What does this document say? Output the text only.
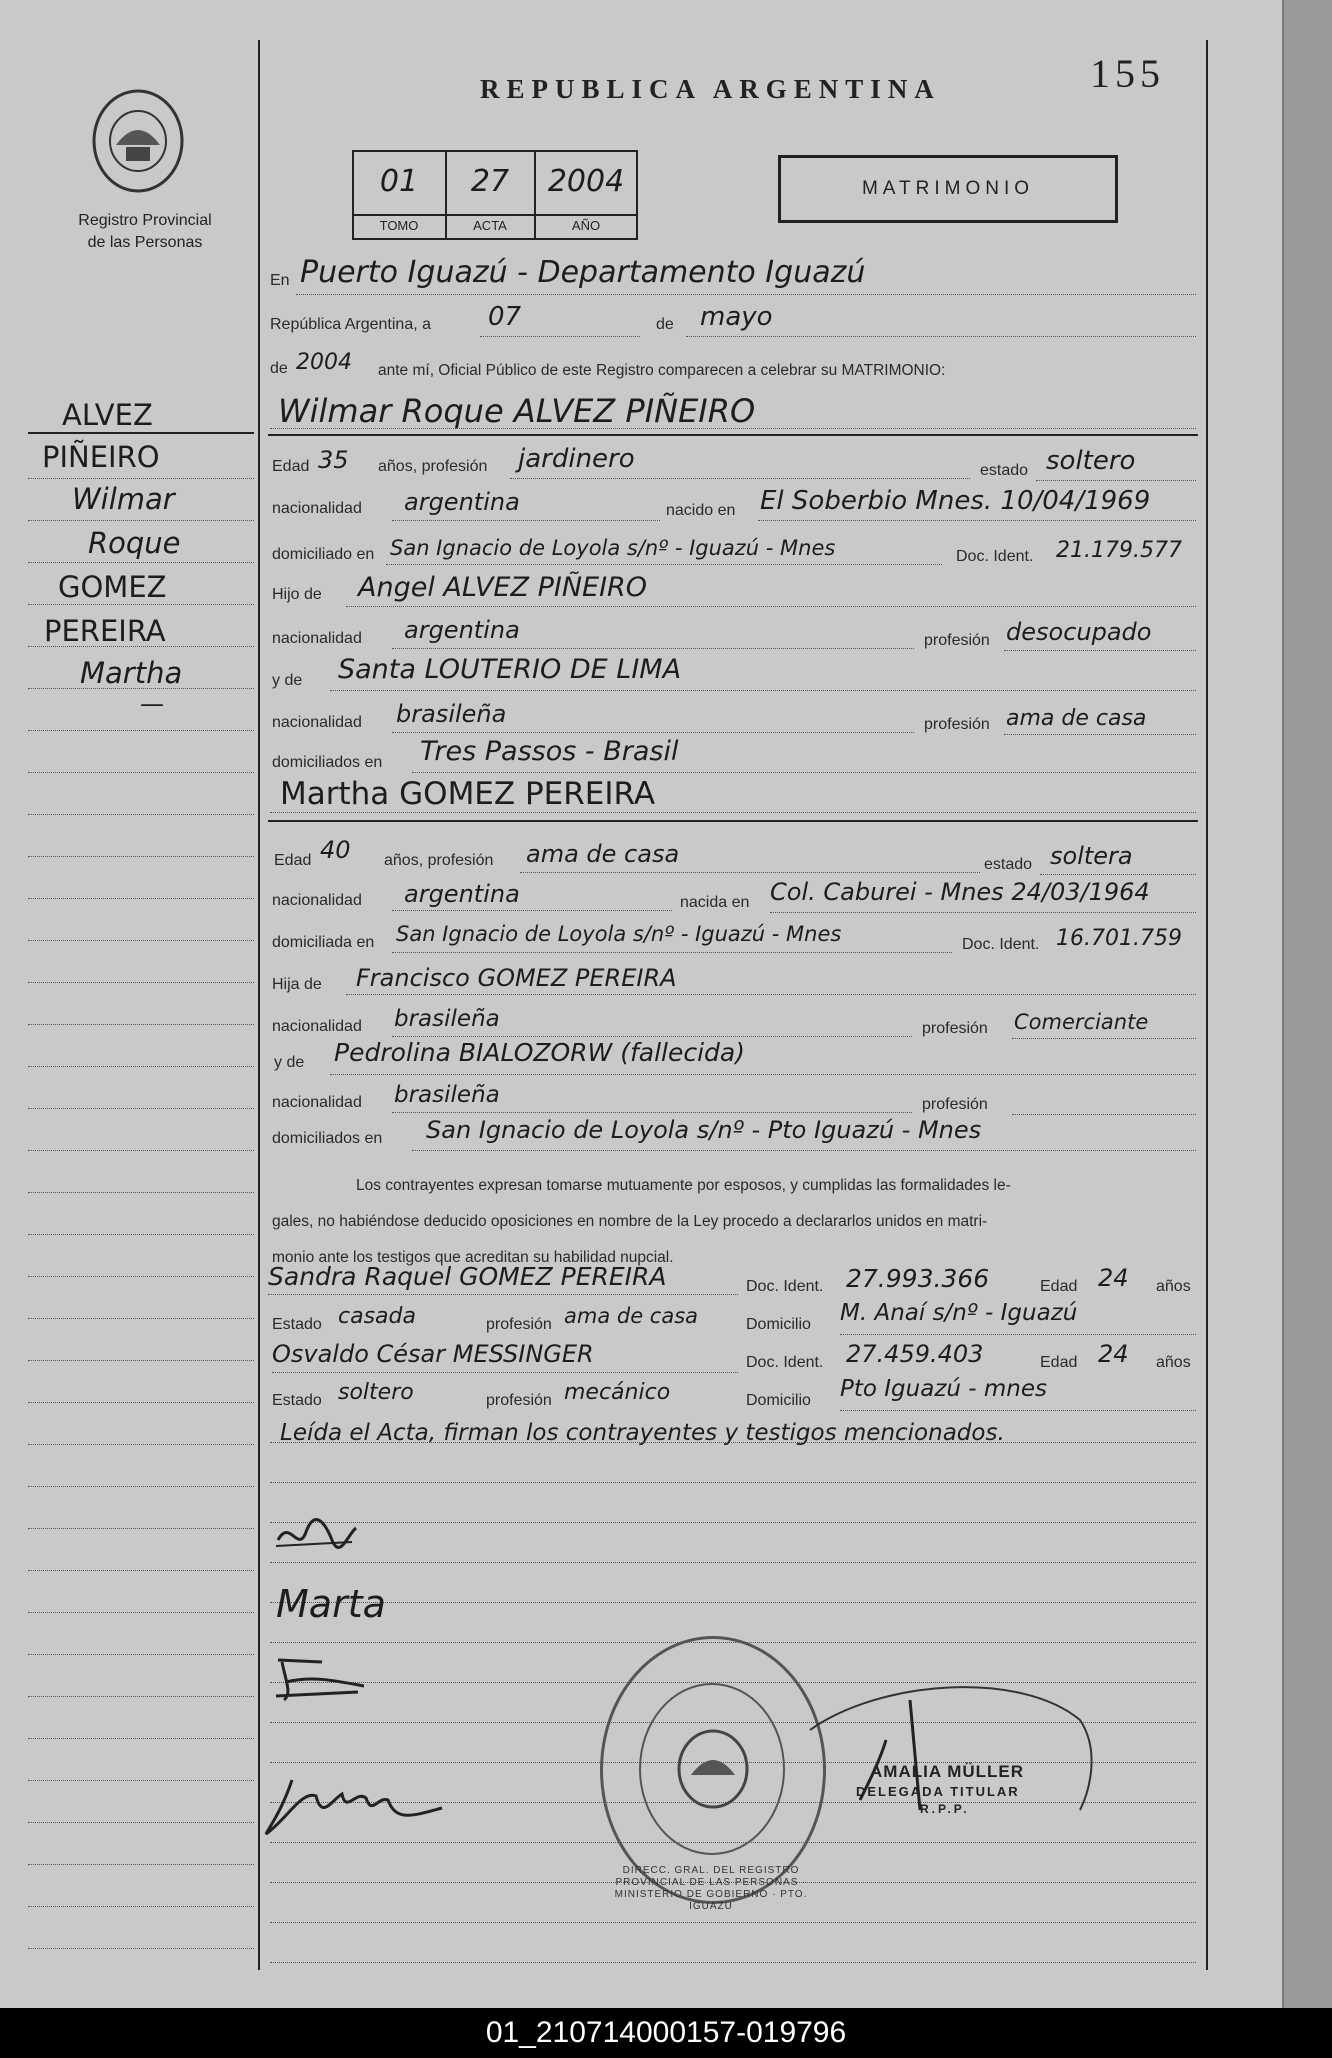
Registro Provincial
de las Personas
REPUBLICA ARGENTINA	155
01	27	2004
TOMO	ACTA	AÑO
MATRIMONIO
ALVEZ
PIÑEIRO
Wilmar
Roque
GOMEZ
PEREIRA
Martha
—
En Puerto Iguazú - Departamento Iguazú
República Argentina, a 07	de mayo
de 2004 ante mí, Oficial Público de este Registro comparecen a celebrar su MATRIMONIO:
Wilmar Roque ALVEZ PIÑEIRO
Edad 35 años, profesión jardinero	estado soltero
nacionalidad argentina	nacido en El Soberbio Mnes. 10/04/1969
domiciliado en San Ignacio de Loyola s/nº - Iguazú - Mnes	Doc. Ident. 21.179.577
Hijo de Angel ALVEZ PIÑEIRO
nacionalidad argentina	profesión desocupado
y de Santa LOUTERIO DE LIMA
nacionalidad brasileña	profesión ama de casa
domiciliados en Tres Passos - Brasil
Martha GOMEZ PEREIRA
Edad 40 años, profesión ama de casa	estado soltera
nacionalidad argentina	nacida en Col. Caburei - Mnes 24/03/1964
domiciliada en San Ignacio de Loyola s/nº - Iguazú - Mnes	Doc. Ident. 16.701.759
Hija de Francisco GOMEZ PEREIRA
nacionalidad brasileña	profesión Comerciante
y de Pedrolina BIALOZORW (fallecida)
nacionalidad brasileña	profesión
domiciliados en San Ignacio de Loyola s/nº - Pto Iguazú - Mnes
Los contrayentes expresan tomarse mutuamente por esposos, y cumplidas las formalidades le-
gales, no habiéndose deducido oposiciones en nombre de la Ley procedo a declararlos unidos en matri-
monio ante los testigos que acreditan su habilidad nupcial.
Sandra Raquel GOMEZ PEREIRA	Doc. Ident. 27.993.366	Edad 24 años
Estado casada	profesión ama de casa	Domicilio M. Anaí s/nº - Iguazú
Osvaldo César MESSINGER	Doc. Ident. 27.459.403	Edad 24 años
Estado soltero	profesión mecánico	Domicilio Pto Iguazú - mnes
Leída el Acta, firman los contrayentes y testigos mencionados.
Marta
DIRECC. GRAL. DEL REGISTRO PROVINCIAL DE LAS PERSONAS · MINISTERIO DE GOBIERNO · PTO. IGUAZU
AMALIA MÜLLER
DELEGADA TITULAR
R.P.P.
01_210714000157-019796
